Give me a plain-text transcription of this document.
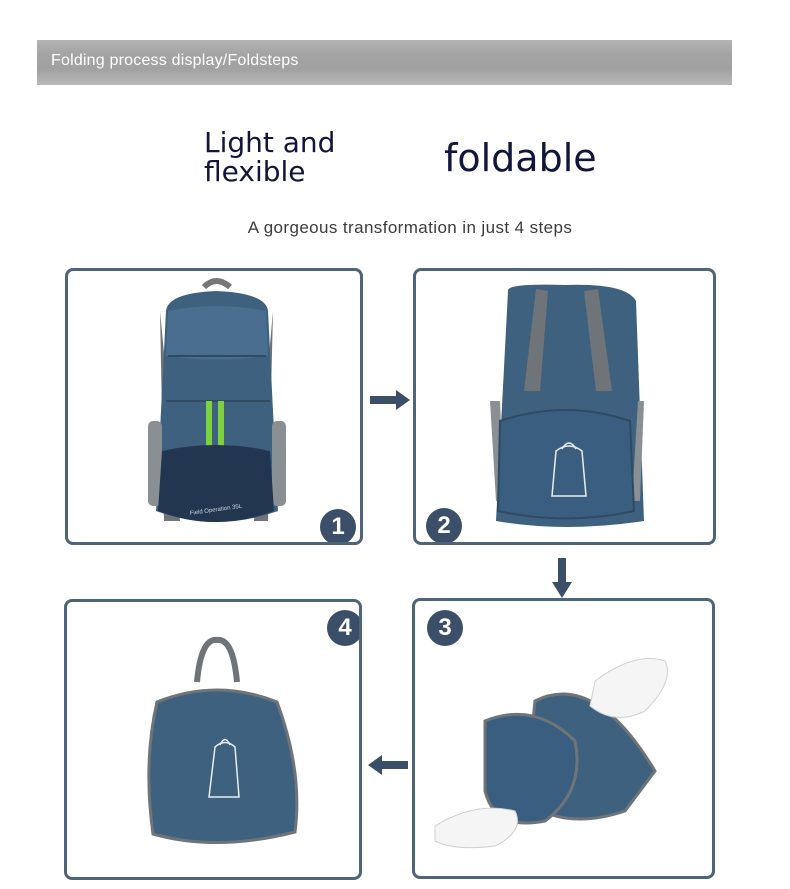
Folding process display/Foldsteps
Light and
flexible	foldable
A gorgeous transformation in just 4 steps
Field Operation 35L
1	2
4	3
